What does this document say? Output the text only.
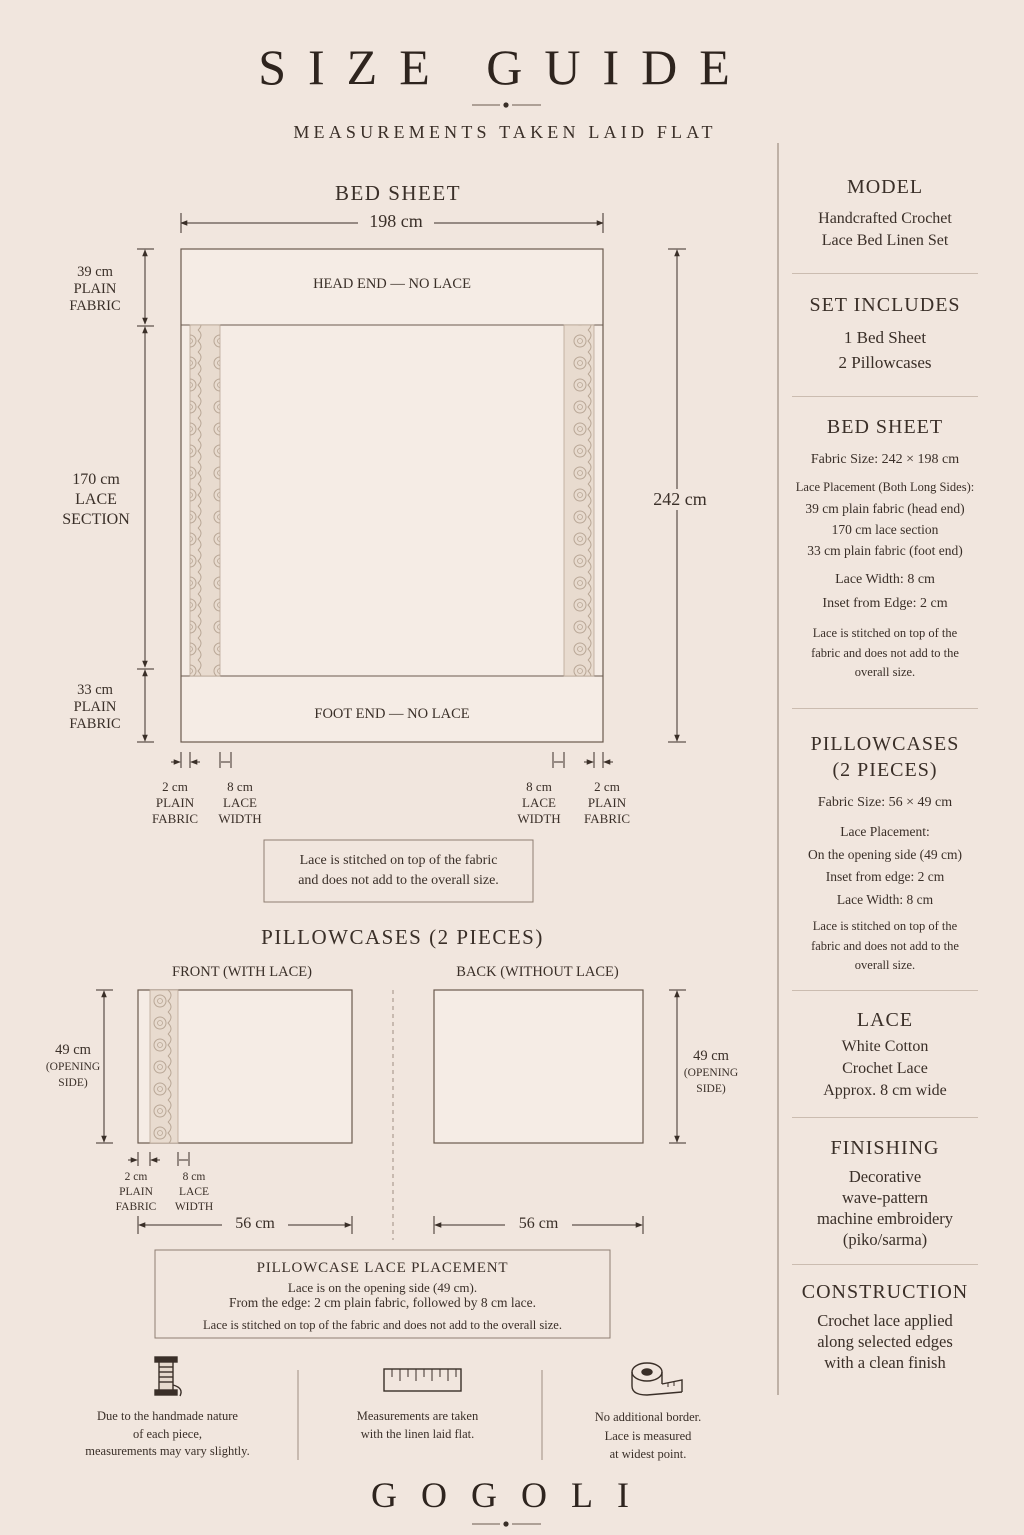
SIZE GUIDE
MEASUREMENTS TAKEN LAID FLAT
BED SHEET
198 cm
242 cm
HEAD END — NO LACE
FOOT END — NO LACE
39 cm
PLAIN
FABRIC
170 cm
LACE
SECTION
33 cm
PLAIN
FABRIC
2 cm
PLAIN
FABRIC
8 cm
LACE
WIDTH
8 cm
LACE
WIDTH
2 cm
PLAIN
FABRIC
Lace is stitched on top of the fabric
and does not add to the overall size.
PILLOWCASES (2 PIECES)
FRONT (WITH LACE)	BACK (WITHOUT LACE)
49 cm
(OPENING
SIDE)
49 cm
(OPENING
SIDE)
2 cm
PLAIN
FABRIC
8 cm
LACE
WIDTH
56 cm	56 cm
PILLOWCASE LACE PLACEMENT
Lace is on the opening side (49 cm).
From the edge: 2 cm plain fabric, followed by 8 cm lace.
Lace is stitched on top of the fabric and does not add to the overall size.
Due to the handmade nature
of each piece,
measurements may vary slightly.
Measurements are taken
with the linen laid flat.
No additional border.
Lace is measured
at widest point.
GOGOLI
MODEL
Handcrafted Crochet
Lace Bed Linen Set
SET INCLUDES
1 Bed Sheet
2 Pillowcases
BED SHEET
Fabric Size: 242 × 198 cm
Lace Placement (Both Long Sides):
39 cm plain fabric (head end)
170 cm lace section
33 cm plain fabric (foot end)
Lace Width: 8 cm
Inset from Edge: 2 cm
Lace is stitched on top of the
fabric and does not add to the
overall size.
PILLOWCASES
(2 PIECES)
Fabric Size: 56 × 49 cm
Lace Placement:
On the opening side (49 cm)
Inset from edge: 2 cm
Lace Width: 8 cm
Lace is stitched on top of the
fabric and does not add to the
overall size.
LACE
White Cotton
Crochet Lace
Approx. 8 cm wide
FINISHING
Decorative
wave-pattern
machine embroidery
(piko/sarma)
CONSTRUCTION
Crochet lace applied
along selected edges
with a clean finish
